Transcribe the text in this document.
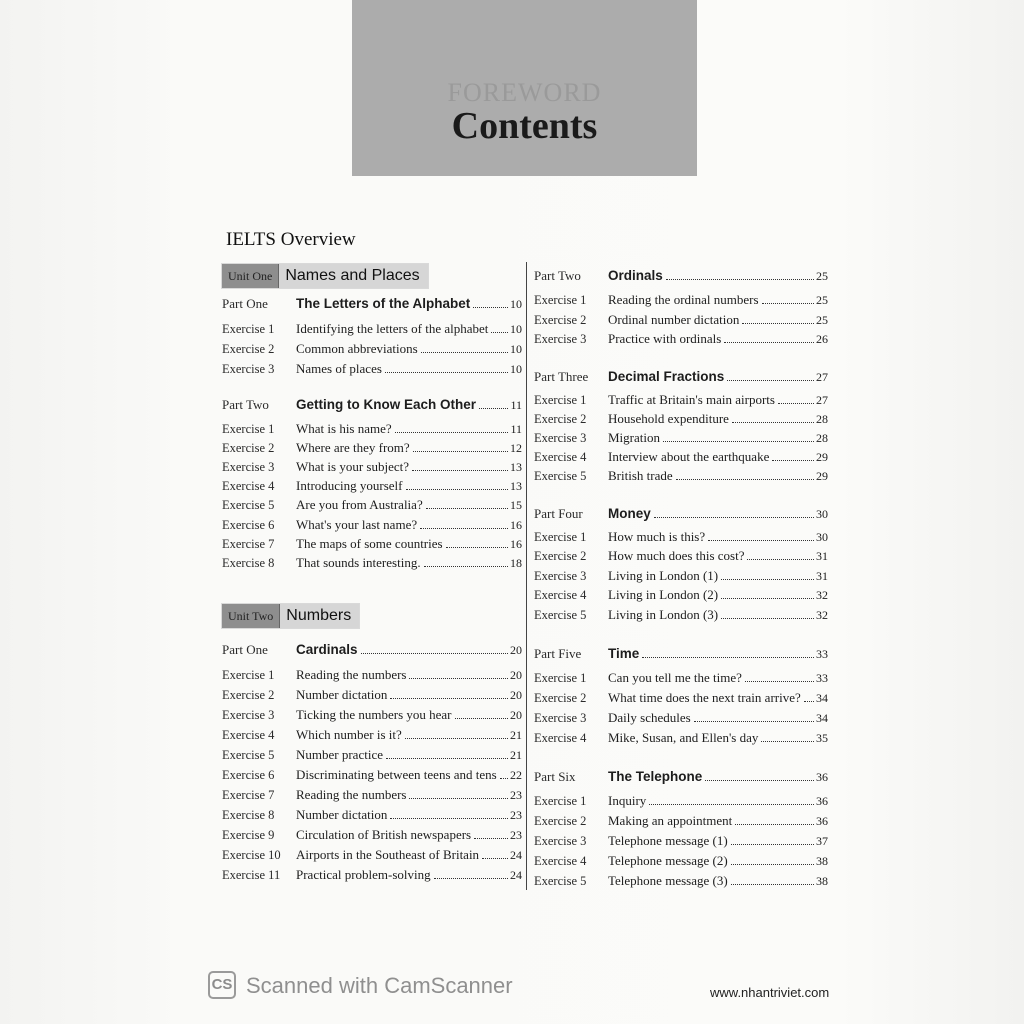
FOREWORD
Contents
IELTS Overview
Unit One Names and Places
Part One	The Letters of the Alphabet	10
Exercise 1	Identifying the letters of the alphabet 10
Exercise 2	Common abbreviations	10
Exercise 3	Names of places	10
Part Two	Getting to Know Each Other	11
Exercise 1	What is his name?	11
Exercise 2	Where are they from?	12
Exercise 3	What is your subject?	13
Exercise 4	Introducing yourself	13
Exercise 5	Are you from Australia?	15
Exercise 6	What's your last name?	16
Exercise 7	The maps of some countries	16
Exercise 8	That sounds interesting.	18
Unit Two Numbers
Part One	Cardinals	20
Exercise 1	Reading the numbers	20
Exercise 2	Number dictation	20
Exercise 3	Ticking the numbers you hear	20
Exercise 4	Which number is it?	21
Exercise 5	Number practice	21
Exercise 6	Discriminating between teens and tens 22
Exercise 7	Reading the numbers	23
Exercise 8	Number dictation	23
Exercise 9	Circulation of British newspapers	23
Exercise 10	Airports in the Southeast of Britain	24
Exercise 11	Practical problem-solving	24
Part Two	Ordinals	25
Exercise 1	Reading the ordinal numbers	25
Exercise 2	Ordinal number dictation	25
Exercise 3	Practice with ordinals	26
Part Three	Decimal Fractions	27
Exercise 1	Traffic at Britain's main airports	27
Exercise 2	Household expenditure	28
Exercise 3	Migration	28
Exercise 4	Interview about the earthquake	29
Exercise 5	British trade	29
Part Four	Money	30
Exercise 1	How much is this?	30
Exercise 2	How much does this cost?	31
Exercise 3	Living in London (1)	31
Exercise 4	Living in London (2)	32
Exercise 5	Living in London (3)	32
Part Five	Time	33
Exercise 1	Can you tell me the time?	33
Exercise 2	What time does the next train arrive? 34
Exercise 3	Daily schedules	34
Exercise 4	Mike, Susan, and Ellen's day	35
Part Six	The Telephone	36
Exercise 1	Inquiry	36
Exercise 2	Making an appointment	36
Exercise 3	Telephone message (1)	37
Exercise 4	Telephone message (2)	38
Exercise 5	Telephone message (3)	38
CS Scanned with CamScanner	www.nhantriviet.com
